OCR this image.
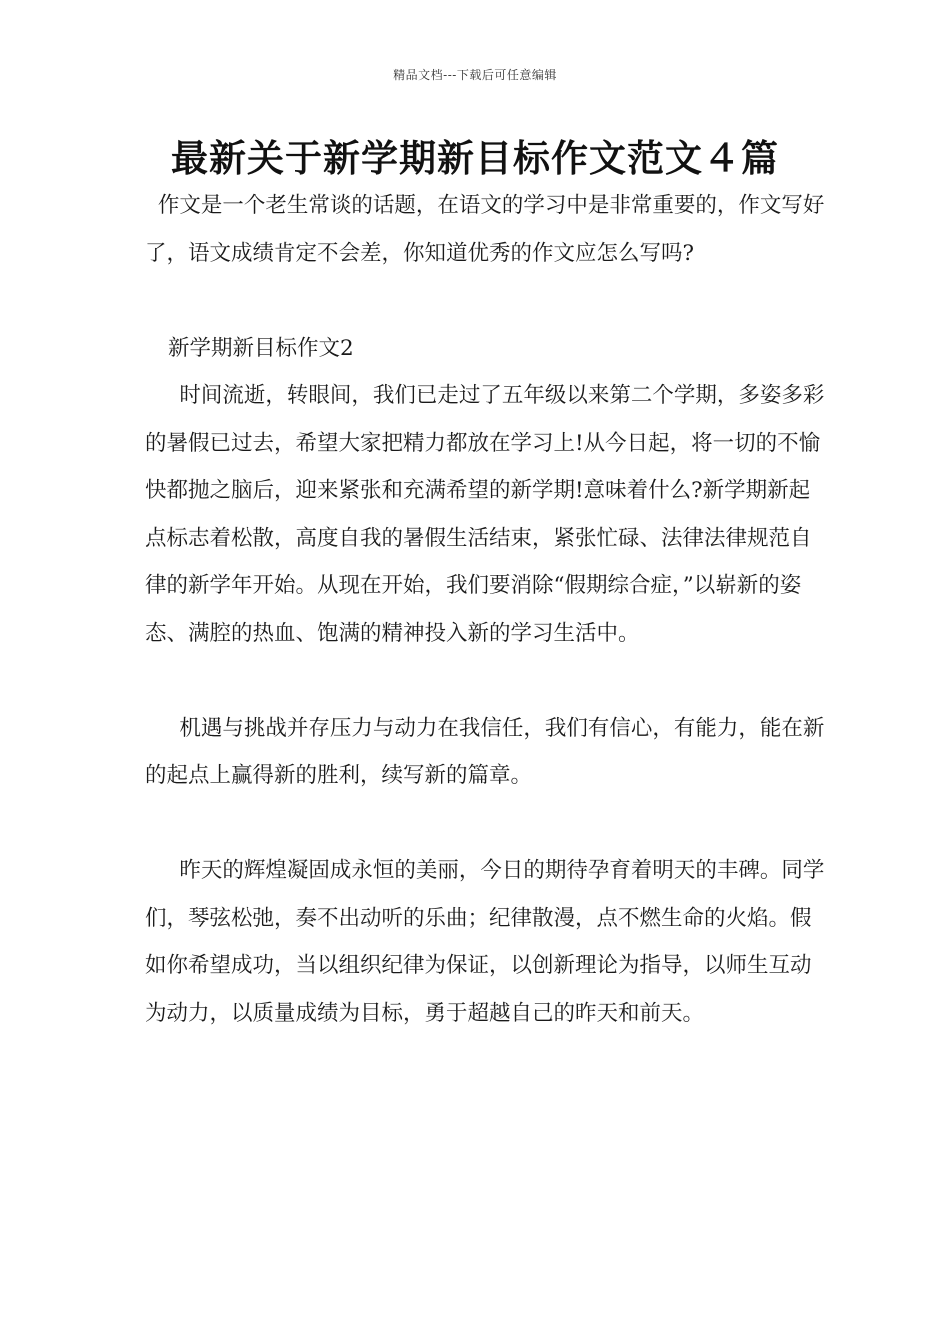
精品文档---下载后可任意编辑
最新关于新学期新目标作文范文４篇

作文是一个老生常谈的话题，在语文的学习中是非常重要的，作文写好了，语文成绩肯定不会差，你知道优秀的作文应怎么写吗?

新学期新目标作文2

时间流逝，转眼间，我们已走过了五年级以来第二个学期，多姿多彩的暑假已过去，希望大家把精力都放在学习上!从今日起，将一切的不愉快都抛之脑后，迎来紧张和充满希望的新学期!意味着什么?新学期新起点标志着松散，高度自我的暑假生活结束，紧张忙碌、法律法律规范自律的新学年开始。从现在开始，我们要消除“假期综合症，”以崭新的姿态、满腔的热血、饱满的精神投入新的学习生活中。

机遇与挑战并存压力与动力在我信任，我们有信心，有能力，能在新的起点上赢得新的胜利，续写新的篇章。

昨天的辉煌凝固成永恒的美丽，今日的期待孕育着明天的丰碑。同学们，琴弦松弛，奏不出动听的乐曲；纪律散漫，点不燃生命的火焰。假如你希望成功，当以组织纪律为保证，以创新理论为指导，以师生互动为动力，以质量成绩为目标，勇于超越自己的昨天和前天。
